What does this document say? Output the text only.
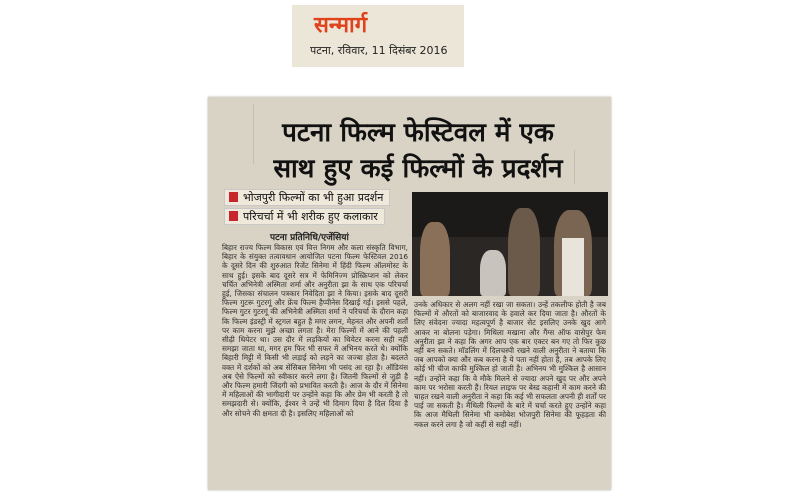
सन्मार्ग
पटना, रविवार, 11 दिसंबर 2016
पटना फिल्म फेस्टिवल में एक
साथ हुए कई फिल्मों के प्रदर्शन
भोजपुरी फिल्मों का भी हुआ प्रदर्शन
परिचर्चा में भी शरीक हुए कलाकार
पटना प्रतिनिधि/एजेंसियां

बिहार राज्य फिल्म विकास एवं वित्त निगम और कला संस्कृति विभाग, बिहार के संयुक्त तत्वावधान आयोजित पटना फिल्म फेस्टिवल 2016 के दूसरे दिन की शुरुआत रिजेंट सिनेमा में हिंदी फिल्म ऑलमोस्ट के साथ हुई। इसके बाद दूसरे सत्र में फेमिनिज्म प्रोस्क्रिप्शन को लेकर चर्चित अभिनेत्री अस्मिता शर्मा और अनुरीता झा के साथ एक परिचर्चा हुई, जिसका संचालन पत्रकार निवेदिता झा ने किया। इसके बाद दूसरी फिल्म गुटरू गुटरगूं और फ्रेंच फिल्म हैप्पीनेस दिखाई गई। इससे पहले, फिल्म गुटर गुटरगूं की अभिनेत्री अस्मिता शर्मा ने परिचर्चा के दौरान कहा कि फिल्म इंडस्ट्री में स्ट्रगल बहुत है मगर लगन, मेहनत और अपनी शर्तों पर काम करना मुझे अच्छा लगता है। मेरा फिल्मों में आने की पहली सीढ़ी थियेटर था। उस दौर में लड़कियों का थियेटर करना सही नहीं समझा जाता था, मगर हम फिर भी सफर में अभिनय करते थे। क्योंकि बिहारी मिट्टी में किसी भी लड़ाई को लड़ने का जज्बा होता है। बदलते वक्त में दर्शकों को अब सेंसिबल सिनेमा भी पसंद आ रहा है। ऑडियंस अब ऐसे फिल्मों को स्वीकार करने लगा है। जितनी फिल्मों से जुड़ी है और फिल्म हमारी जिंदगी को प्रभावित करती है। आज के दौर में सिनेमा में महिलाओं की भागीदारी पर उन्होंने कहा कि और प्रेम भी करती है तो समझदारी से। क्योंकि, ईश्वर ने उन्हें भी दिमाग दिया है दिल दिया है और सोचने की क्षमता दी है। इसलिए महिलाओं को

उनके अधिकार से अलग नहीं रखा जा सकता। उन्हें तकलीफ होती है जब फिल्मों में औरतों को बाजारवाद के हवाले कर दिया जाता है। औरतों के लिए संवेदना ज्यादा महत्वपूर्ण है बाजार सेट इसलिए उनके खुद आगे आकर ना बोलना पड़ेगा। मिथिला मखाना और गैंग्स ऑफ वासेपुर फेम अनुरीता झा ने कहा कि अगर आप एक बार एक्टर बन गए तो फिर कुछ नहीं बन सकते। मॉडलिंग में दिलचस्पी रखने वाली अनुरीता ने बताया कि जब आपको क्या और कब करना है ये पता नहीं होता है, तब आपके लिए कोई भी चीज काफी मुश्किल हो जाती है। अभिनय भी मुश्किल है आसान नहीं। उन्होंने कहा कि वे मौके मिलने से ज्यादा अपने खुद पर और अपने काम पर भरोसा करती हैं। रियल लाइफ पर बेस्ड कहानी में काम करने की चाहत रखने वाली अनुरीता ने कहा कि कई भी सफलता अपनी ही शर्तों पर पाई जा सकती है। मैथिली फिल्मों के बारे में चर्चा करते हुए उन्होंने कहा कि आज मैथिली सिनेमा भी कमोबेश भोजपुरी सिनेमा की फूहड़ता की नकल करने लगा है जो कहीं से सही नहीं।
